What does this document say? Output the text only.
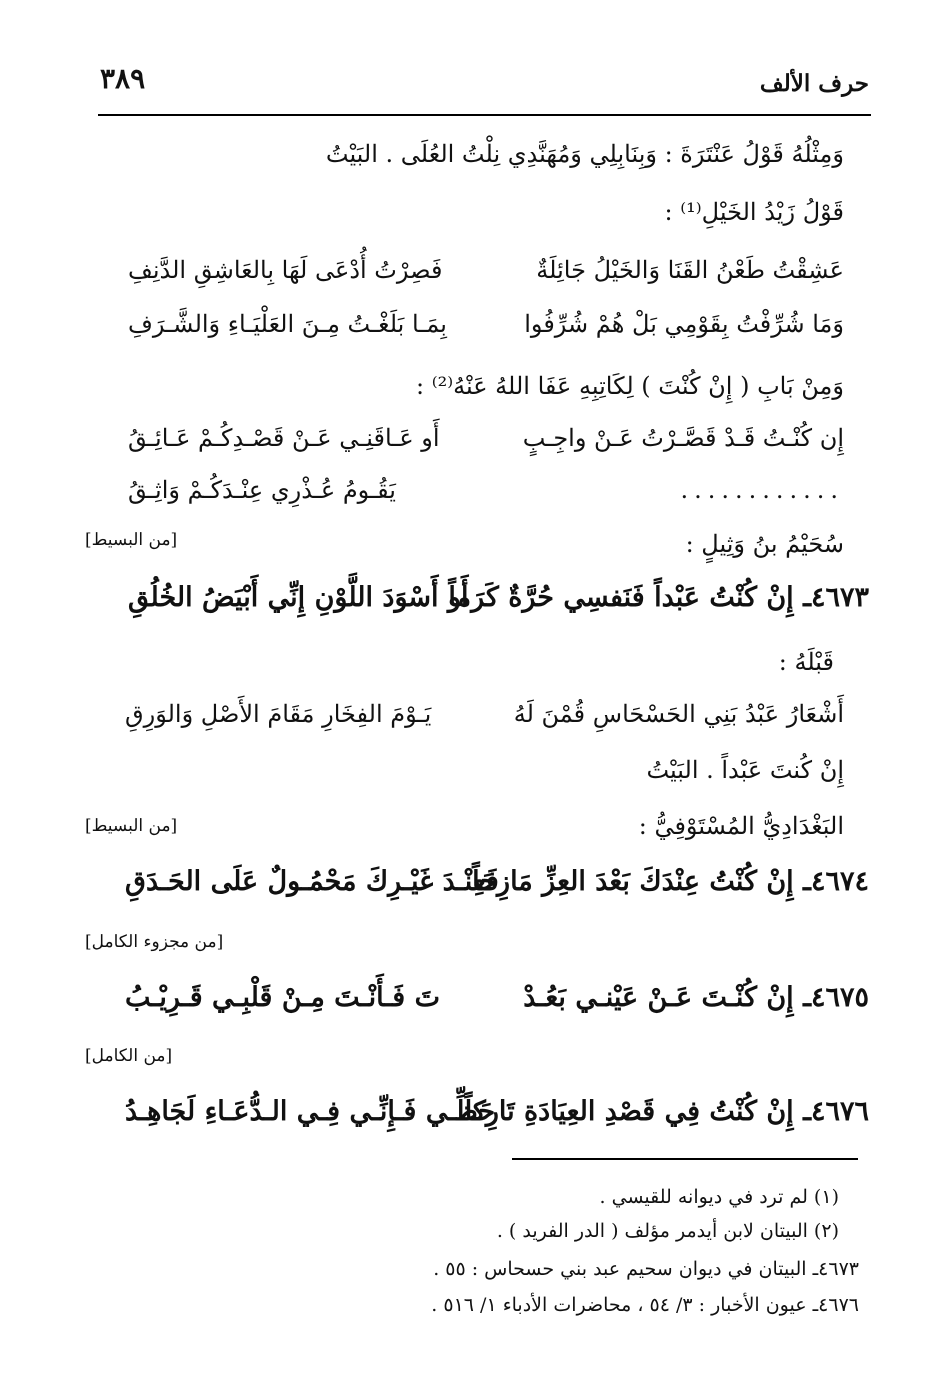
حرف الألف
٣٨٩
وَمِثْلُهُ قَوْلُ عَنْتَرَةَ : وَبِنَابِلِي وَمُهَنَّدِي نِلْتُ العُلَى . البَيْتُ
قَوْلُ زَيْدُ الخَيْلِ⁽¹⁾ :
عَشِقْتُ طَعْنُ القَنَا وَالخَيْلُ جَائِلَةٌ
فَصِرْتُ أُدْعَى لَهَا بِالعَاشِقِ الدَّنِفِ
وَمَا شُرِّفْتُ بِقَوْمِي بَلْ هُمْ شُرِّفُوا
بِمَـا بَلَغْـتُ مِـنَ العَلْيَـاءِ وَالشَّـرَفِ
وَمِنْ بَابِ ( إِنْ كُنْتَ ) لِكَاتِبِهِ عَفَا اللهُ عَنْهُ⁽²⁾ :
إِن كُنْـتُ قَـدْ قَصَّـرْتُ عَـنْ واجِـبٍ
أَو عَـاقَنِـي عَـنْ قَصْـدِكُـمْ عَـائِـقُ
............
يَقُـومُ عُـذْرِي عِنْـدَكُـمْ وَاثِـقُ
سُحَيْمُ بنُ وَثِيلٍ :
[من البسيط]
٤٦٧٣ـ إِنْ كُنْتُ عَبْداً فَنَفسِي حُرَّةٌ كَرَماً
أَو أَسْوَدَ اللَّوْنِ إِنِّي أَبْيَضُ الخُلُقِ
قَبْلَهُ :
أَشْعَارُ عَبْدُ بَنِي الحَسْحَاسِ قُمْنَ لَهُ
يَـوْمَ الفِخَارِ مَقَامَ الأَصْلِ وَالوَرِقِ
إِنْ كُنتَ عَبْداً . البَيْتُ
البَغْدَادِيُّ المُسْتَوْفِيُّ :
[من البسيط]
٤٦٧٤ـ إِنْ كُنْتُ عِنْدَكَ بَعْدَ العِزِّ مَازِحَاً
فَعِنْـدَ غَيْـرِكَ مَحْمُـولٌ عَلَى الحَـدَقِ
[من مجزوء الكامل]
٤٦٧٥ـ إِنْ كُنْـتَ عَـنْ عَيْنـي بَعُـدْ
تَ فَـأَنْـتَ مِـنْ قَلْبِـي قَـرِيْـبُ
[من الكامل]
٤٦٧٦ـ إِنْ كُنْتُ فِي قَصْدِ العِيَادَةِ تَارِكاً
حَظِّـي فَـإِنِّـي فِـي الـدُّعَـاءِ لَجَاهِـدُ
(١) لم ترد في ديوانه للقيسي .
(٢) البيتان لابن أيدمر مؤلف ( الدر الفريد ) .
٤٦٧٣ـ البيتان في ديوان سحيم عبد بني حسحاس : ٥٥ .
٤٦٧٦ـ عيون الأخبار : ٣/ ٥٤ ، محاضرات الأدباء ١/ ٥١٦ .
